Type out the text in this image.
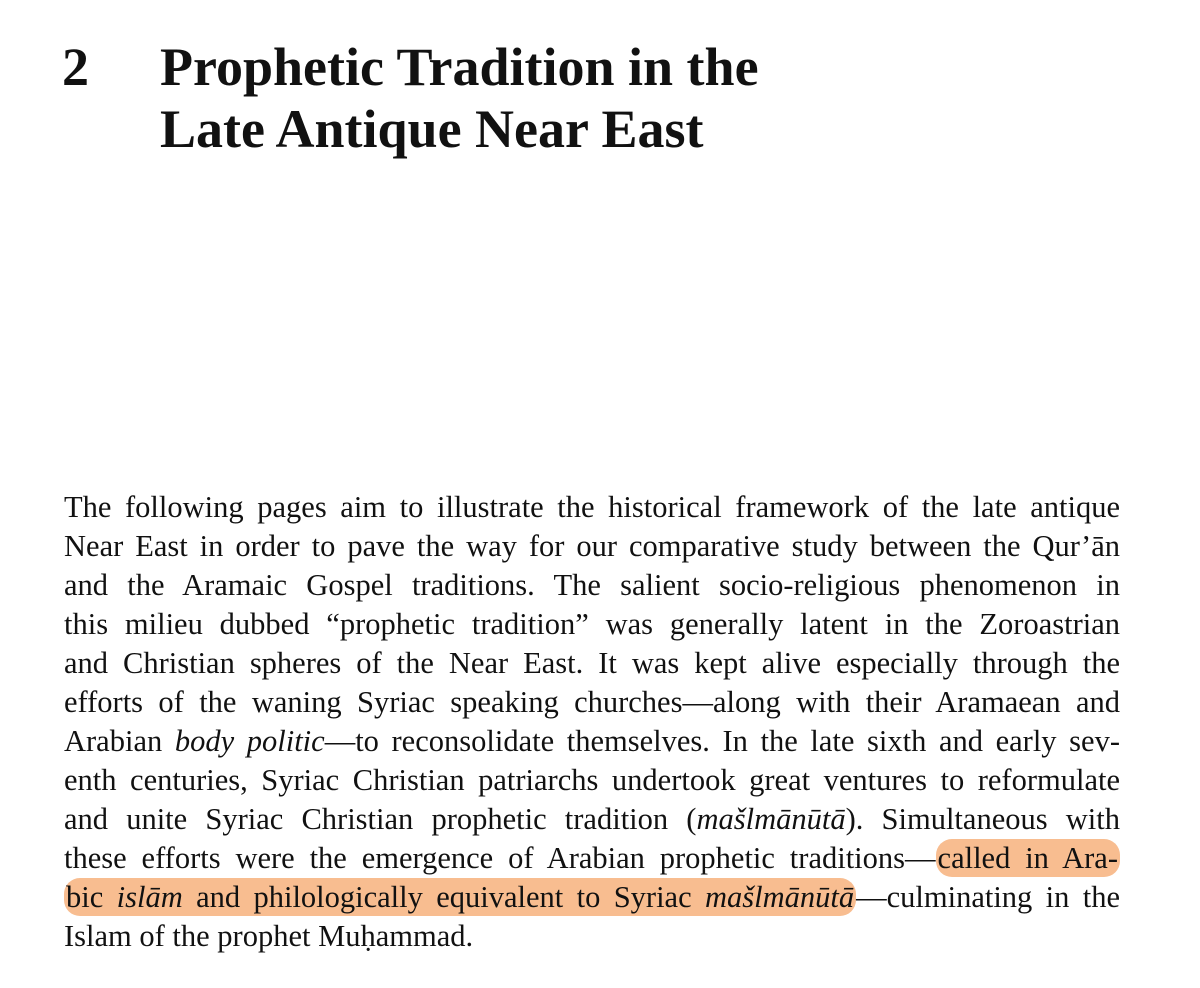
2	Prophetic Tradition in the
Late Antique Near East
The following pages aim to illustrate the historical framework of the late antique
Near East in order to pave the way for our comparative study between the Qur’ān
and the Aramaic Gospel traditions. The salient socio-religious phenomenon in
this milieu dubbed “prophetic tradition” was generally latent in the Zoroastrian
and Christian spheres of the Near East. It was kept alive especially through the
efforts of the waning Syriac speaking churches—along with their Aramaean and
Arabian body politic—to reconsolidate themselves. In the late sixth and early sev-
enth centuries, Syriac Christian patriarchs undertook great ventures to reformulate
and unite Syriac Christian prophetic tradition (mašlmānūtā). Simultaneous with
these efforts were the emergence of Arabian prophetic traditions—called in Ara-
bic islām and philologically equivalent to Syriac mašlmānūtā—culminating in the
Islam of the prophet Muḥammad.
